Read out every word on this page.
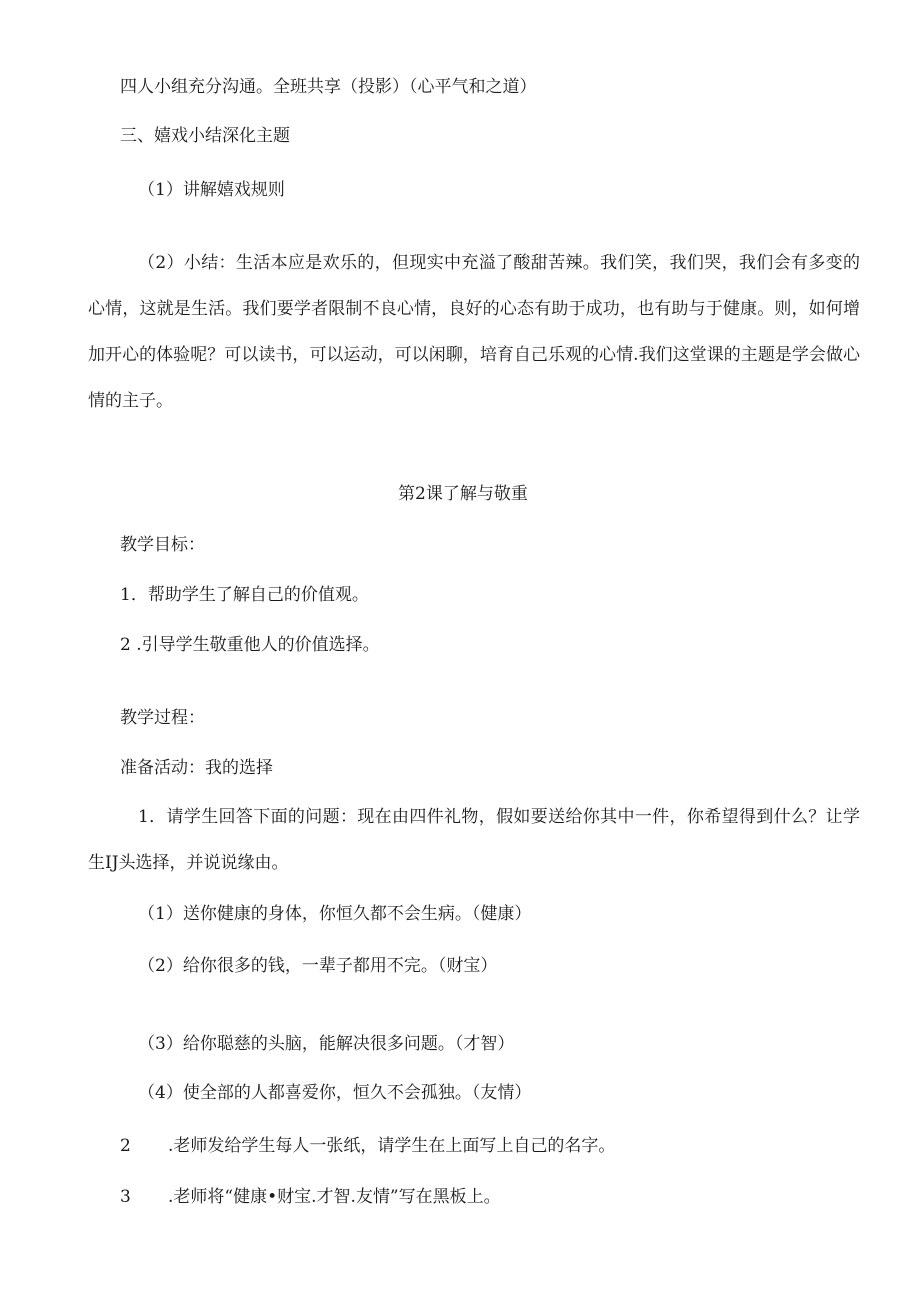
四人小组充分沟通。全班共享（投影）（心平气和之道）
三、嬉戏小结深化主题
（1）讲解嬉戏规则
（2）小结：生活本应是欢乐的，但现实中充溢了酸甜苦辣。我们笑，我们哭，我们会有多变的心情，这就是生活。我们要学者限制不良心情，良好的心态有助于成功，也有助与于健康。则，如何增加开心的体验呢？可以读书，可以运动，可以闲聊，培育自己乐观的心情.我们这堂课的主题是学会做心情的主子。
第2课了解与敬重
教学目标：
1．帮助学生了解自己的价值观。
2 .引导学生敬重他人的价值选择。
教学过程：
准备活动：我的选择
1．请学生回答下面的问题：现在由四件礼物，假如要送给你其中一件，你希望得到什么？让学生IJ头选择，并说说缘由。
（1）送你健康的身体，你恒久都不会生病。（健康）
（2）给你很多的钱，一辈子都用不完。（财宝）
（3）给你聪慈的头脑，能解决很多问题。（才智）
（4）使全部的人都喜爱你，恒久不会孤独。（友情）
2 .老师发给学生每人一张纸，请学生在上面写上自己的名字。
3 .老师将“健康•财宝.才智.友情”写在黑板上。
